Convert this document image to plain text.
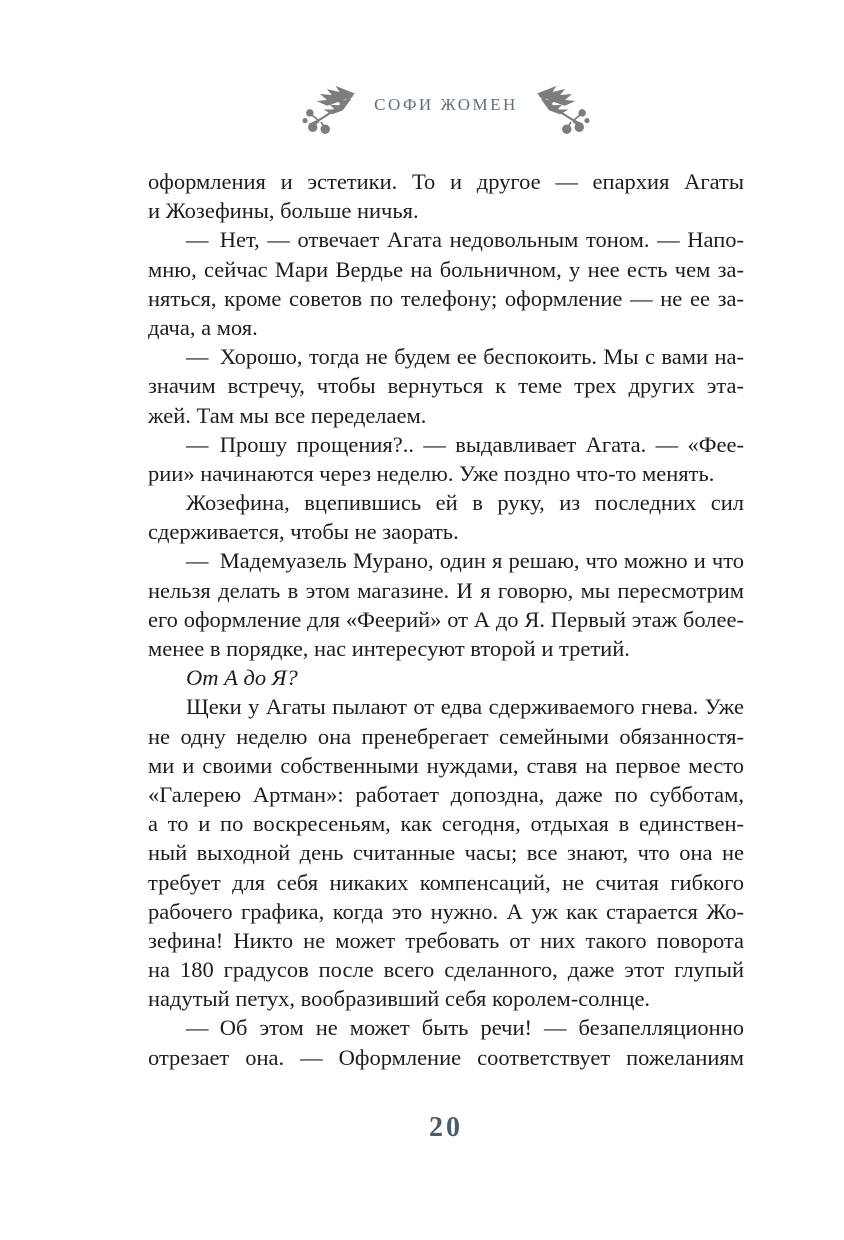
СОФИ ЖОМЕН
оформления и эстетики. То и другое — епархия Агаты
и Жозефины, больше ничья.
— Нет, — отвечает Агата недовольным тоном. — Напо-
мню, сейчас Мари Вердье на больничном, у нее есть чем за-
няться, кроме советов по телефону; оформление — не ее за-
дача, а моя.
— Хорошо, тогда не будем ее беспокоить. Мы с вами на-
значим встречу, чтобы вернуться к теме трех других эта-
жей. Там мы все переделаем.
— Прошу прощения?.. — выдавливает Агата. — «Фее-
рии» начинаются через неделю. Уже поздно что-то менять.
Жозефина, вцепившись ей в руку, из последних сил
сдерживается, чтобы не заорать.
— Мадемуазель Мурано, один я решаю, что можно и что
нельзя делать в этом магазине. И я говорю, мы пересмотрим
его оформление для «Феерий» от А до Я. Первый этаж более-
менее в порядке, нас интересуют второй и третий.
От А до Я?
Щеки у Агаты пылают от едва сдерживаемого гнева. Уже
не одну неделю она пренебрегает семейными обязанностя-
ми и своими собственными нуждами, ставя на первое место
«Галерею Артман»: работает допоздна, даже по субботам,
а то и по воскресеньям, как сегодня, отдыхая в единствен-
ный выходной день считанные часы; все знают, что она не
требует для себя никаких компенсаций, не считая гибкого
рабочего графика, когда это нужно. А уж как старается Жо-
зефина! Никто не может требовать от них такого поворота
на 180 градусов после всего сделанного, даже этот глупый
надутый петух, вообразивший себя королем-солнце.
— Об этом не может быть речи! — безапелляционно
отрезает она. — Оформление соответствует пожеланиям
20
